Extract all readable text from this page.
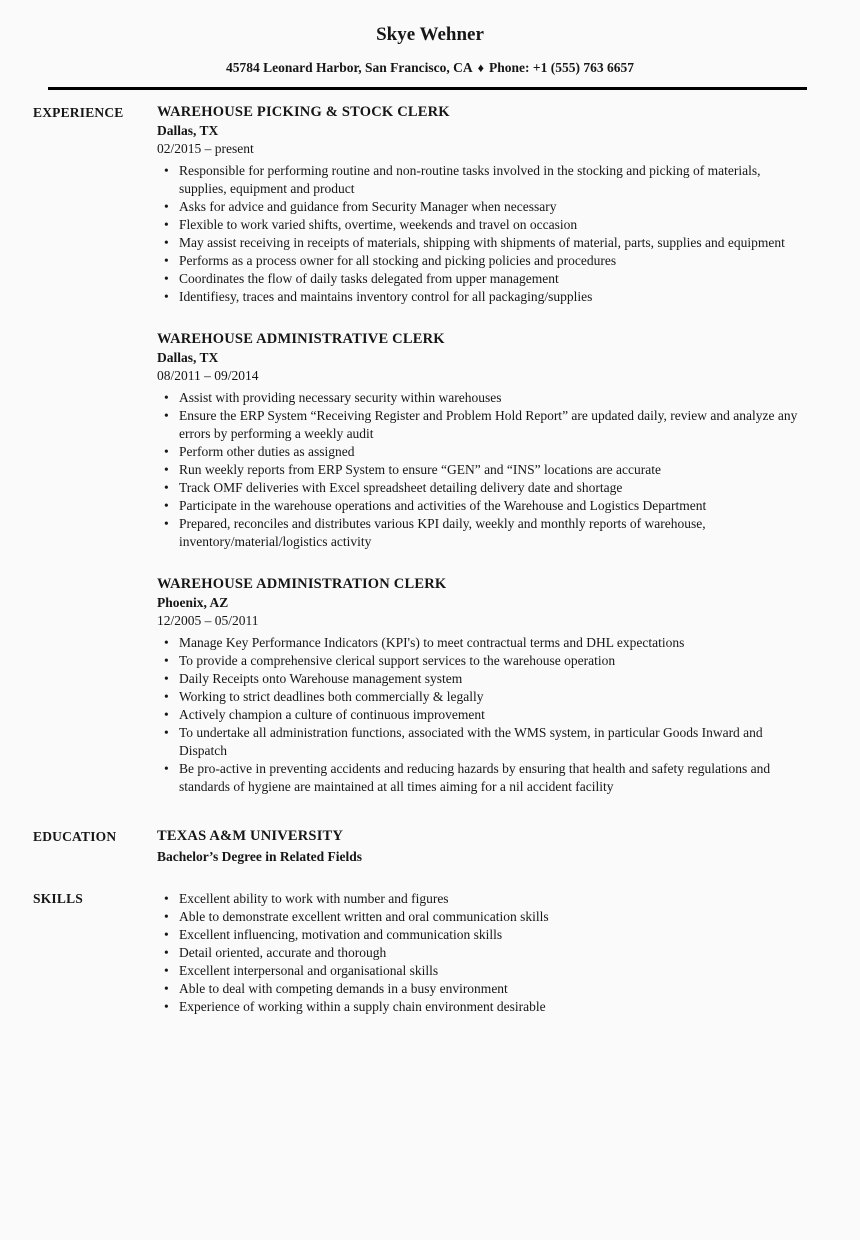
Skye Wehner

45784 Leonard Harbor, San Francisco, CA ♦ Phone: +1 (555) 763 6657

EXPERIENCE	WAREHOUSE PICKING & STOCK CLERK
Dallas, TX
02/2015 – present
• Responsible for performing routine and non-routine tasks involved in the stocking and picking of materials, supplies, equipment and product
• Asks for advice and guidance from Security Manager when necessary
• Flexible to work varied shifts, overtime, weekends and travel on occasion
• May assist receiving in receipts of materials, shipping with shipments of material, parts, supplies and equipment
• Performs as a process owner for all stocking and picking policies and procedures
• Coordinates the flow of daily tasks delegated from upper management
• Identifiesy, traces and maintains inventory control for all packaging/supplies
WAREHOUSE ADMINISTRATIVE CLERK
Dallas, TX
08/2011 – 09/2014
• Assist with providing necessary security within warehouses
• Ensure the ERP System “Receiving Register and Problem Hold Report” are updated daily, review and analyze any errors by performing a weekly audit
• Perform other duties as assigned
• Run weekly reports from ERP System to ensure “GEN” and “INS” locations are accurate
• Track OMF deliveries with Excel spreadsheet detailing delivery date and shortage
• Participate in the warehouse operations and activities of the Warehouse and Logistics Department
• Prepared, reconciles and distributes various KPI daily, weekly and monthly reports of warehouse, inventory/material/logistics activity
WAREHOUSE ADMINISTRATION CLERK
Phoenix, AZ
12/2005 – 05/2011
• Manage Key Performance Indicators (KPI's) to meet contractual terms and DHL expectations
• To provide a comprehensive clerical support services to the warehouse operation
• Daily Receipts onto Warehouse management system
• Working to strict deadlines both commercially & legally
• Actively champion a culture of continuous improvement
• To undertake all administration functions, associated with the WMS system, in particular Goods Inward and Dispatch
• Be pro-active in preventing accidents and reducing hazards by ensuring that health and safety regulations and standards of hygiene are maintained at all times aiming for a nil accident facility
EDUCATION	TEXAS A&M UNIVERSITY
Bachelor’s Degree in Related Fields
SKILLS	• Excellent ability to work with number and figures
• Able to demonstrate excellent written and oral communication skills
• Excellent influencing, motivation and communication skills
• Detail oriented, accurate and thorough
• Excellent interpersonal and organisational skills
• Able to deal with competing demands in a busy environment
• Experience of working within a supply chain environment desirable
